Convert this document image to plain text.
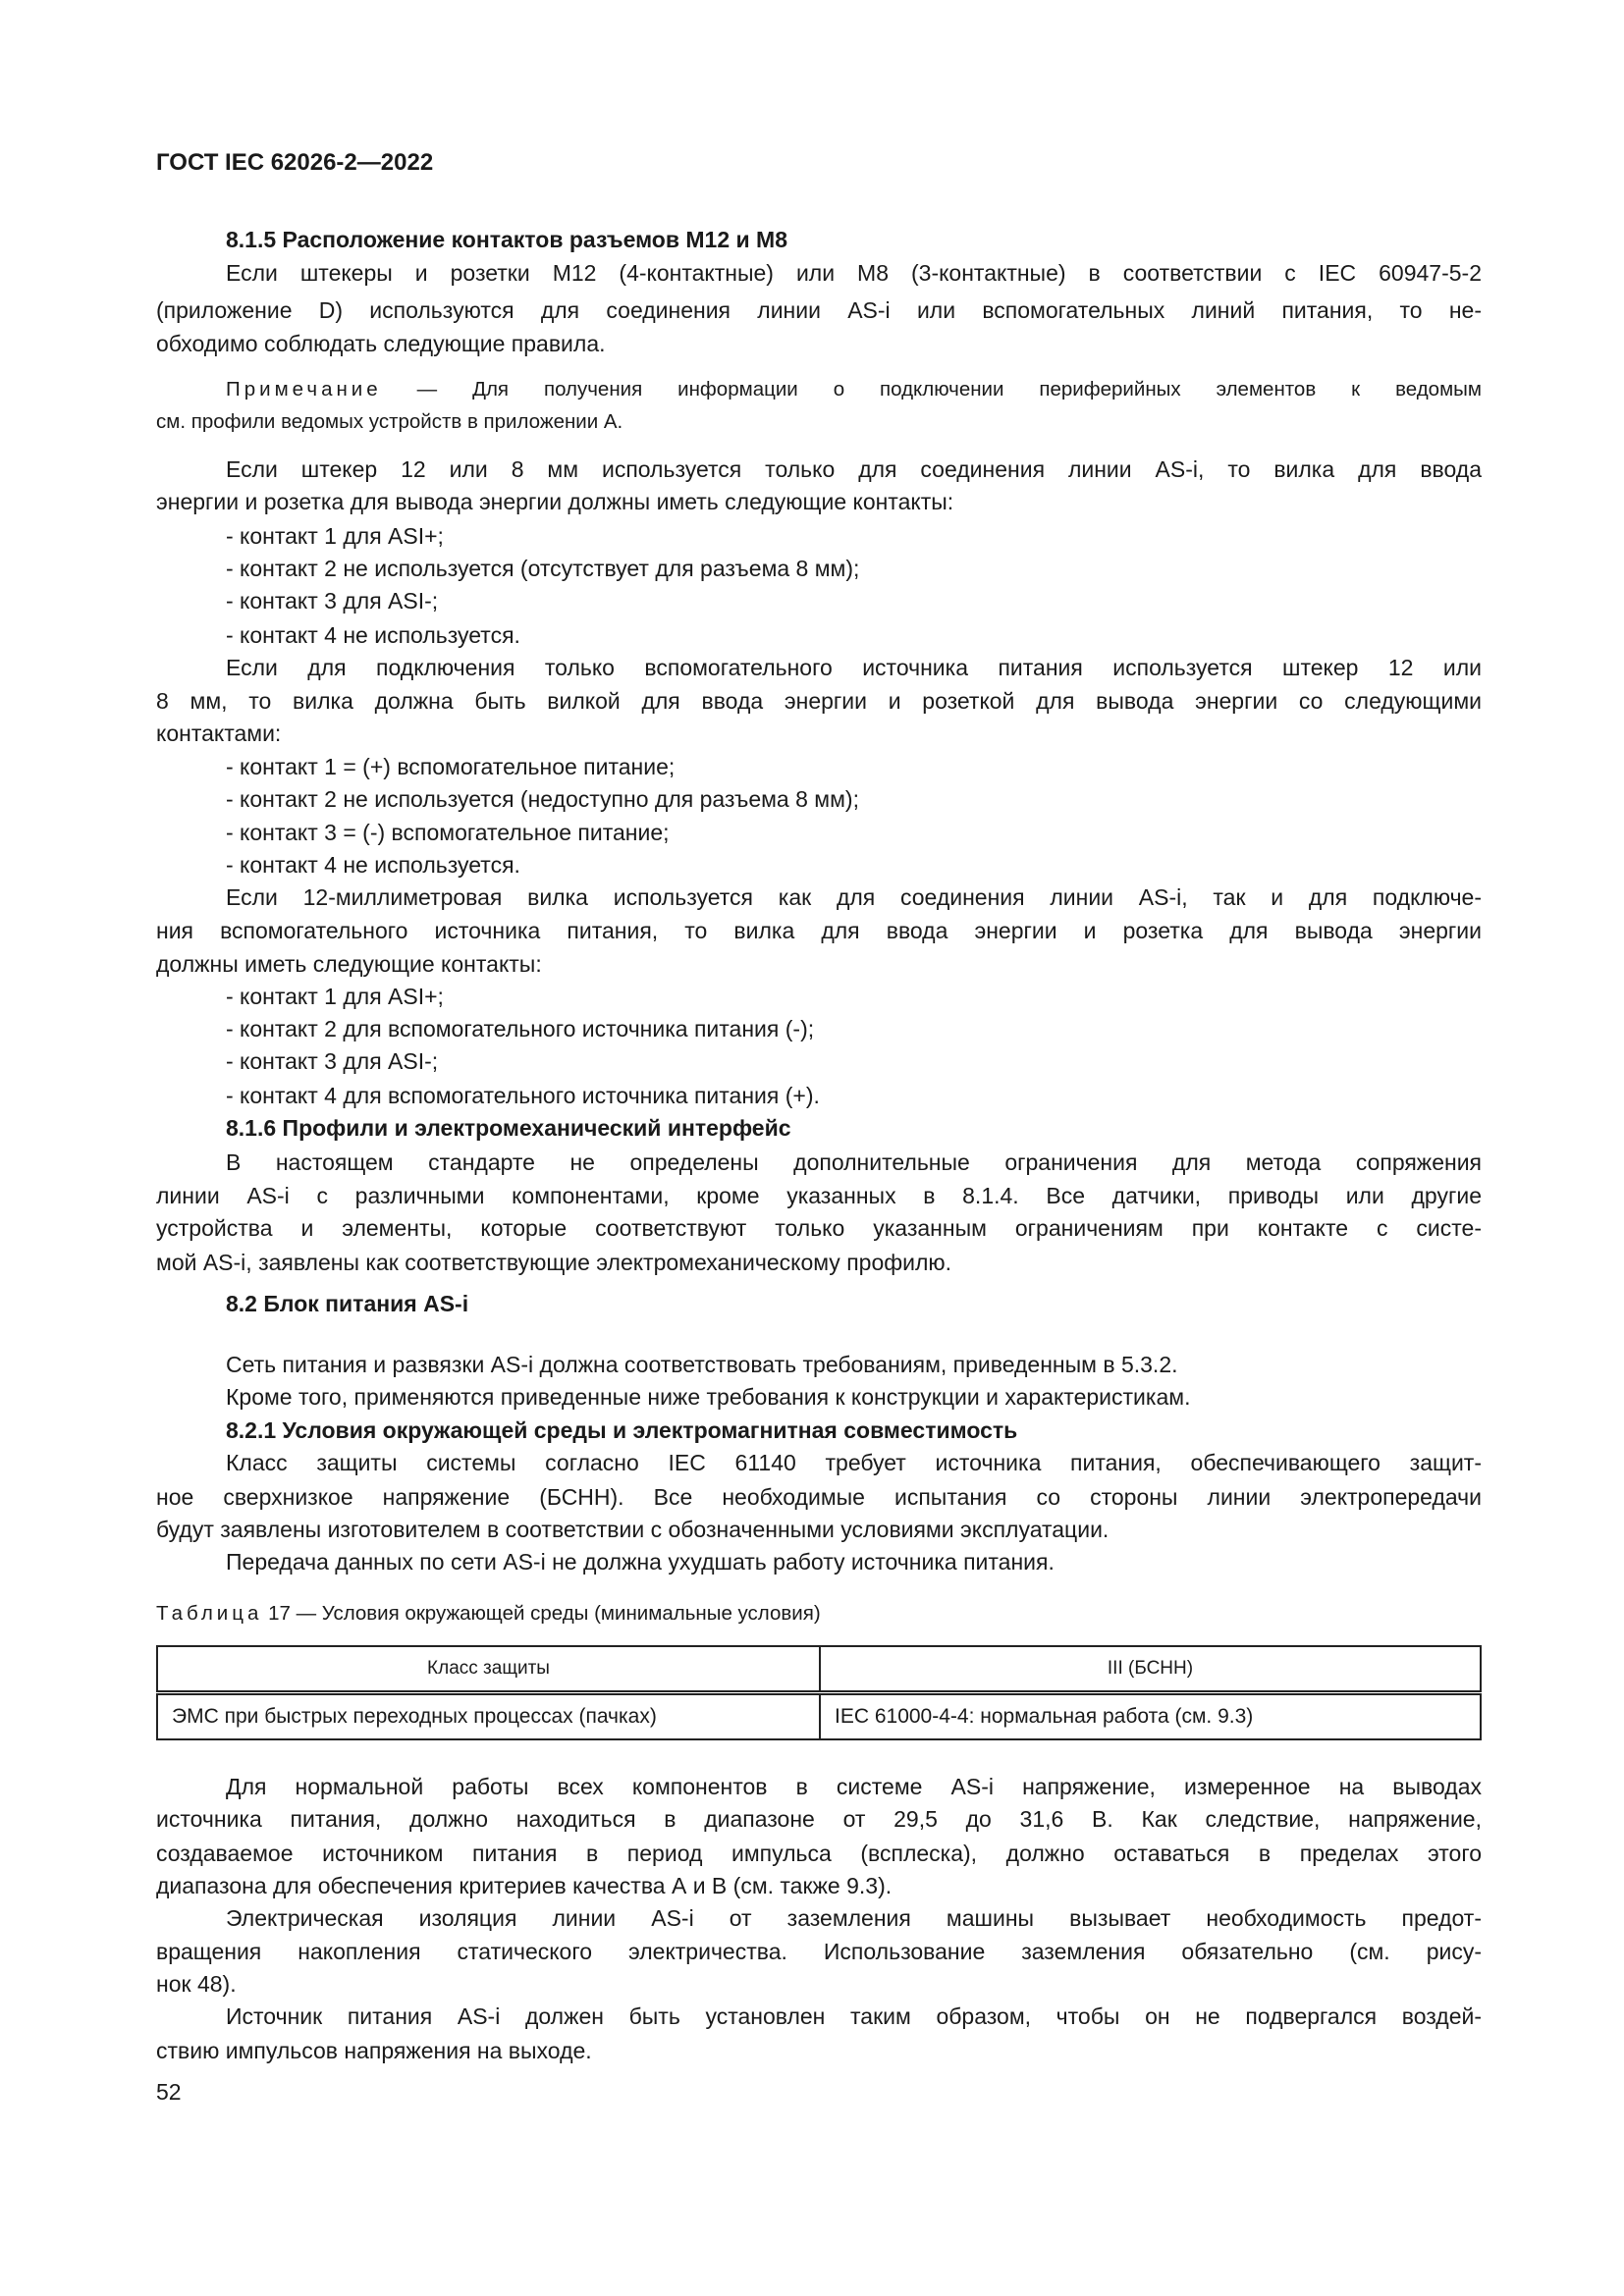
ГОСТ IEC 62026-2—2022
8.1.5 Расположение контактов разъемов М12 и М8
Если штекеры и розетки М12 (4-контактные) или М8 (3-контактные) в соответствии с IEC 60947-5-2
(приложение D) используются для соединения линии AS-i или вспомогательных линий питания, то не-
обходимо соблюдать следующие правила.
Примечание — Для получения информации о подключении периферийных элементов к ведомым
см. профили ведомых устройств в приложении А.
Если штекер 12 или 8 мм используется только для соединения линии AS-i, то вилка для ввода
энергии и розетка для вывода энергии должны иметь следующие контакты:
- контакт 1 для ASI+;
- контакт 2 не используется (отсутствует для разъема 8 мм);
- контакт 3 для ASI-;
- контакт 4 не используется.
Если для подключения только вспомогательного источника питания используется штекер 12 или
8 мм, то вилка должна быть вилкой для ввода энергии и розеткой для вывода энергии со следующими
контактами:
- контакт 1 = (+) вспомогательное питание;
- контакт 2 не используется (недоступно для разъема 8 мм);
- контакт 3 = (-) вспомогательное питание;
- контакт 4 не используется.
Если 12-миллиметровая вилка используется как для соединения линии AS-i, так и для подключе-
ния вспомогательного источника питания, то вилка для ввода энергии и розетка для вывода энергии
должны иметь следующие контакты:
- контакт 1 для ASI+;
- контакт 2 для вспомогательного источника питания (-);
- контакт 3 для ASI-;
- контакт 4 для вспомогательного источника питания (+).
8.1.6 Профили и электромеханический интерфейс
В настоящем стандарте не определены дополнительные ограничения для метода сопряжения
линии AS-i с различными компонентами, кроме указанных в 8.1.4. Все датчики, приводы или другие
устройства и элементы, которые соответствуют только указанным ограничениям при контакте с систе-
мой AS-i, заявлены как соответствующие электромеханическому профилю.
8.2 Блок питания AS-i
Сеть питания и развязки AS-i должна соответствовать требованиям, приведенным в 5.3.2.
Кроме того, применяются приведенные ниже требования к конструкции и характеристикам.
8.2.1 Условия окружающей среды и электромагнитная совместимость
Класс защиты системы согласно IEC 61140 требует источника питания, обеспечивающего защит-
ное сверхнизкое напряжение (БСНН). Все необходимые испытания со стороны линии электропередачи
будут заявлены изготовителем в соответствии с обозначенными условиями эксплуатации.
Передача данных по сети AS-i не должна ухудшать работу источника питания.
Для нормальной работы всех компонентов в системе AS-i напряжение, измеренное на выводах
источника питания, должно находиться в диапазоне от 29,5 до 31,6 В. Как следствие, напряжение,
создаваемое источником питания в период импульса (всплеска), должно оставаться в пределах этого
диапазона для обеспечения критериев качества А и В (см. также 9.3).
Электрическая изоляция линии AS-i от заземления машины вызывает необходимость предот-
вращения накопления статического электричества. Использование заземления обязательно (см. рису-
нок 48).
Источник питания AS-i должен быть установлен таким образом, чтобы он не подвергался воздей-
ствию импульсов напряжения на выходе.
Таблица 17 — Условия окружающей среды (минимальные условия)
Класс защиты	III (БСНН)
ЭМС при быстрых переходных процессах (пачках)	IEC 61000-4-4: нормальная работа (см. 9.3)
52
